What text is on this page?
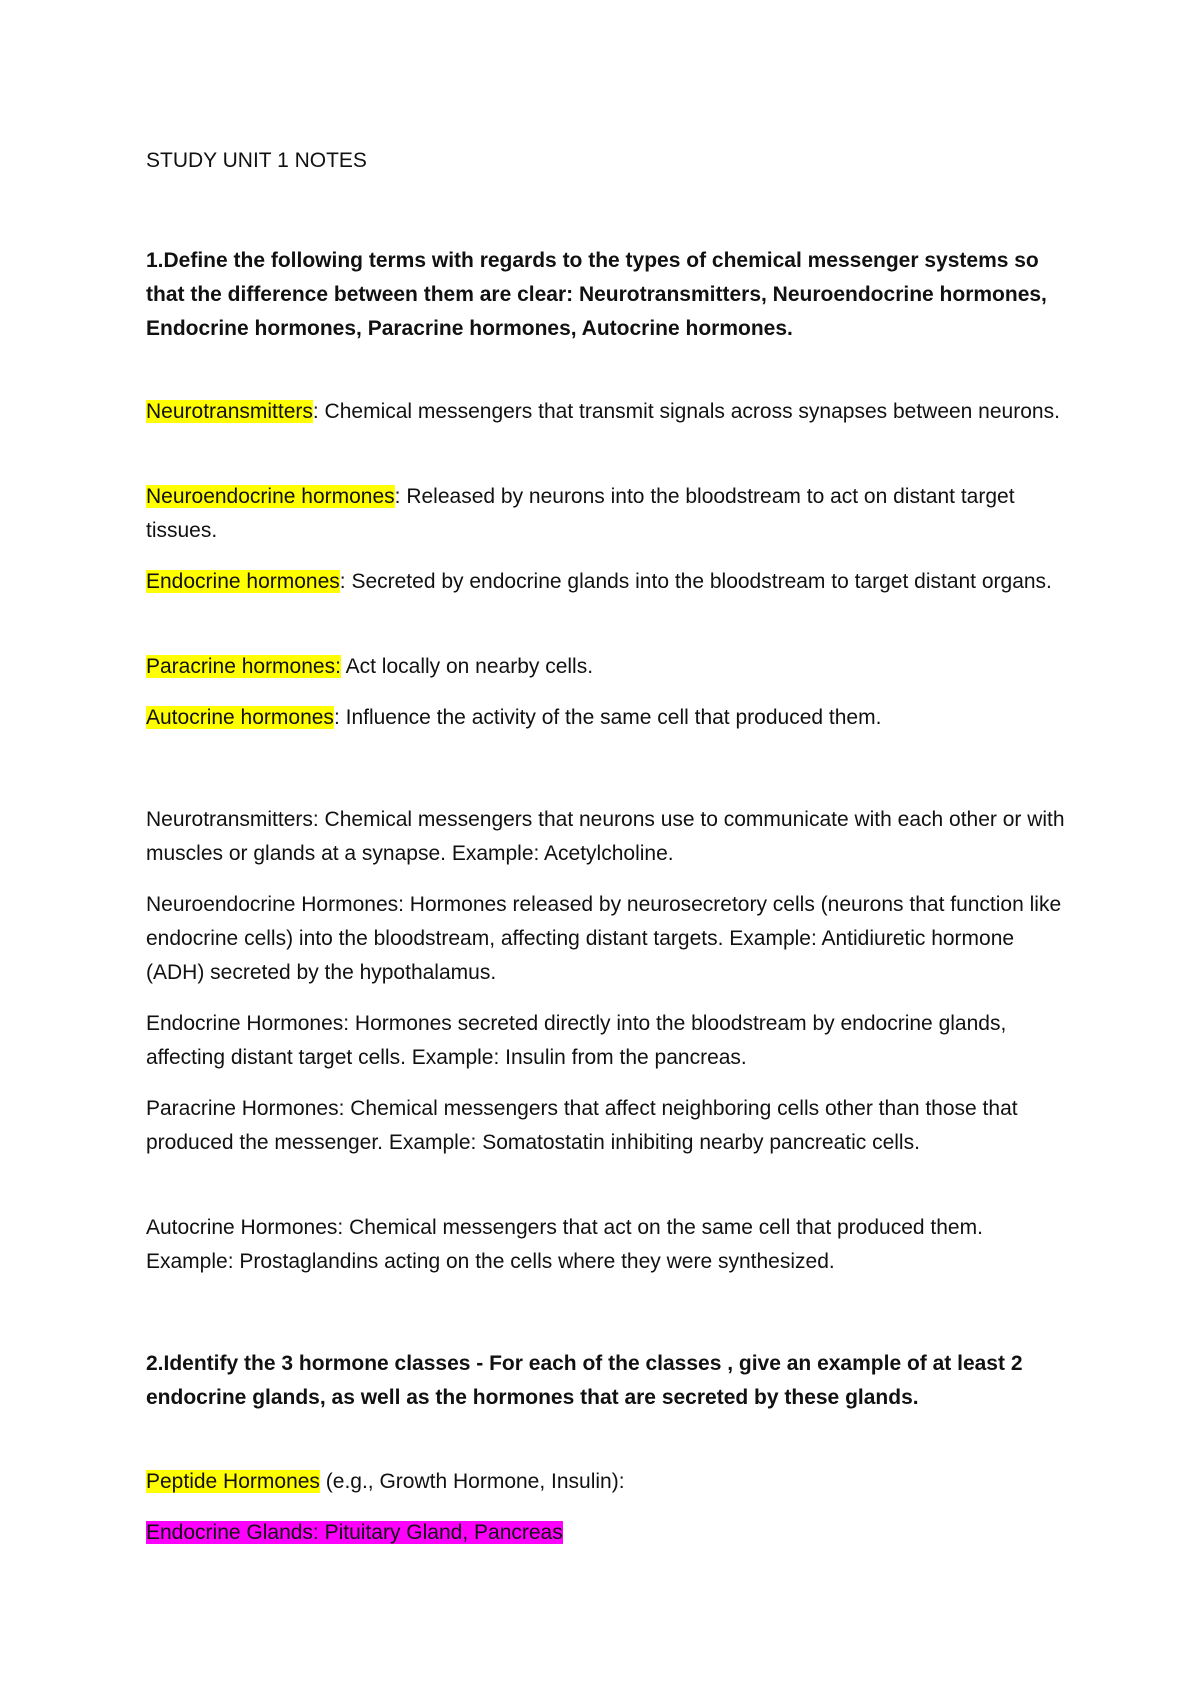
STUDY UNIT 1 NOTES

1.Define the following terms with regards to the types of chemical messenger systems so that the difference between them are clear: Neurotransmitters, Neuroendocrine hormones, Endocrine hormones, Paracrine hormones, Autocrine hormones.

Neurotransmitters: Chemical messengers that transmit signals across synapses between neurons.

Neuroendocrine hormones: Released by neurons into the bloodstream to act on distant target tissues.

Endocrine hormones: Secreted by endocrine glands into the bloodstream to target distant organs.

Paracrine hormones: Act locally on nearby cells.

Autocrine hormones: Influence the activity of the same cell that produced them.

Neurotransmitters: Chemical messengers that neurons use to communicate with each other or with muscles or glands at a synapse. Example: Acetylcholine.

Neuroendocrine Hormones: Hormones released by neurosecretory cells (neurons that function like endocrine cells) into the bloodstream, affecting distant targets. Example: Antidiuretic hormone (ADH) secreted by the hypothalamus.

Endocrine Hormones: Hormones secreted directly into the bloodstream by endocrine glands, affecting distant target cells. Example: Insulin from the pancreas.

Paracrine Hormones: Chemical messengers that affect neighboring cells other than those that produced the messenger. Example: Somatostatin inhibiting nearby pancreatic cells.

Autocrine Hormones: Chemical messengers that act on the same cell that produced them. Example: Prostaglandins acting on the cells where they were synthesized.

2.Identify the 3 hormone classes - For each of the classes , give an example of at least 2 endocrine glands, as well as the hormones that are secreted by these glands.

Peptide Hormones (e.g., Growth Hormone, Insulin):

Endocrine Glands: Pituitary Gland, Pancreas
